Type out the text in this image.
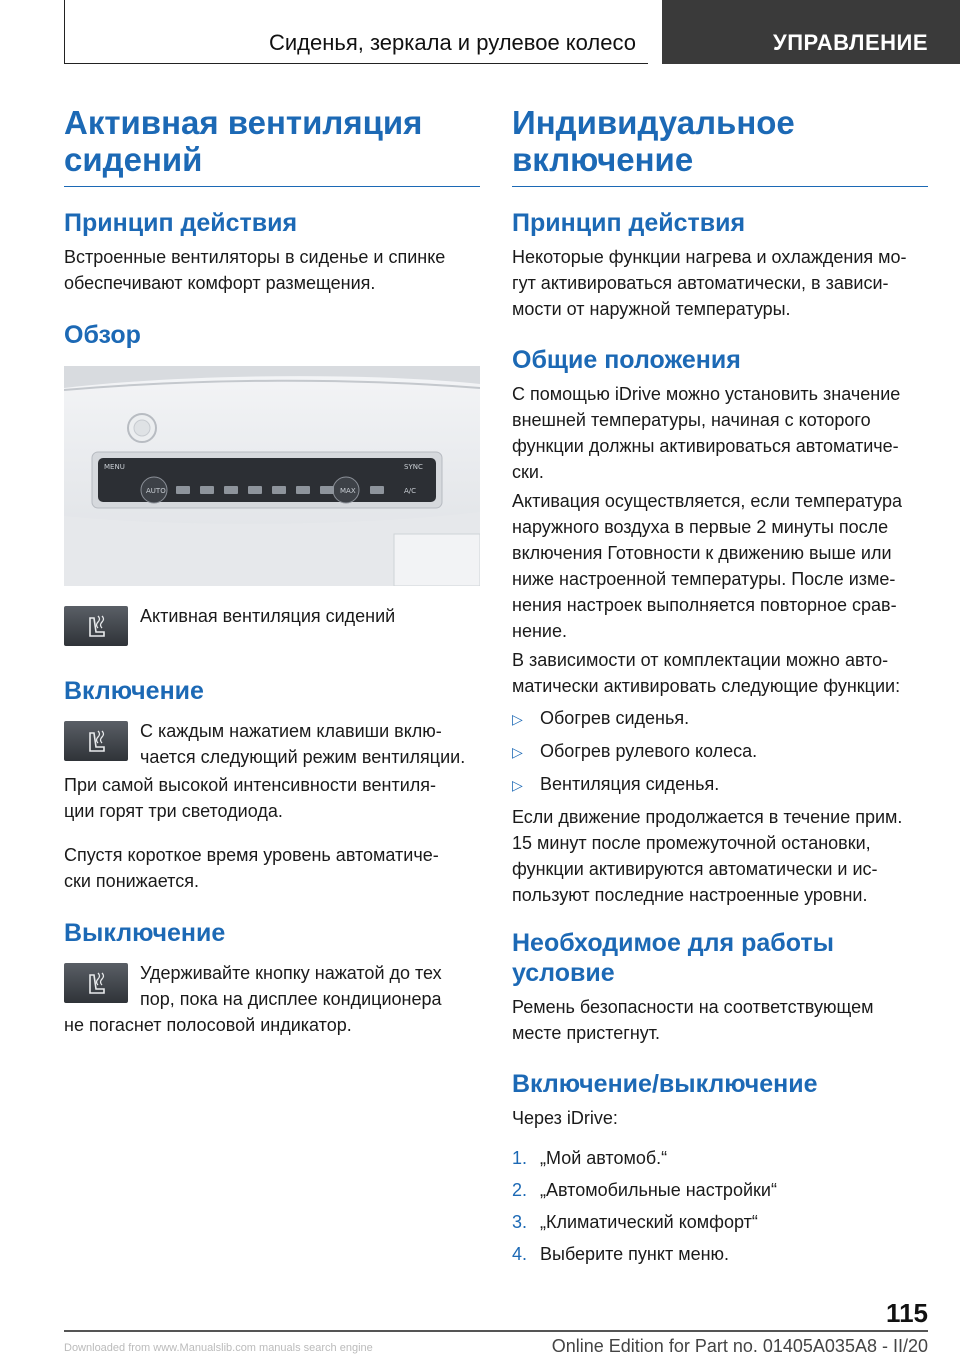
Сиденья, зеркала и рулевое колесо	УПРАВЛЕНИЕ
Активная вентиляция
сидений
Принцип действия
Встроенные вентиляторы в сиденье и спинке
обеспечивают комфорт размещения.
Обзор
MENU
AUTO
SYNC
MAX	A/C
Активная вентиляция сидений
Включение
С каждым нажатием клавиши вклю-
чается следующий режим вентиляции.
При самой высокой интенсивности вентиля-
ции горят три светодиода.
Спустя короткое время уровень автоматиче-
ски понижается.
Выключение
Удерживайте кнопку нажатой до тех
пор, пока на дисплее кондиционера
не погаснет полосовой индикатор.
Индивидуальное
включение
Принцип действия
Некоторые функции нагрева и охлаждения мо-
гут активироваться автоматически, в зависи-
мости от наружной температуры.
Общие положения
С помощью iDrive можно установить значение
внешней температуры, начиная с которого
функции должны активироваться автоматиче-
ски.
Активация осуществляется, если температура
наружного воздуха в первые 2 минуты после
включения Готовности к движению выше или
ниже настроенной температуры. После изме-
нения настроек выполняется повторное срав-
нение.
В зависимости от комплектации можно авто-
матически активировать следующие функции:
▷ Обогрев сиденья.
▷ Обогрев рулевого колеса.
▷ Вентиляция сиденья.
Если движение продолжается в течение прим.
15 минут после промежуточной остановки,
функции активируются автоматически и ис-
пользуют последние настроенные уровни.
Необходимое для работы
условие
Ремень безопасности на соответствующем
месте пристегнут.
Включение/выключение
Через iDrive:
1. „Мой автомоб.“
2. „Автомобильные настройки“
3. „Климатический комфорт“
4. Выберите пункт меню.
115
Online Edition for Part no. 01405A035A8 - II/20
Downloaded from www.Manualslib.com manuals search engine
